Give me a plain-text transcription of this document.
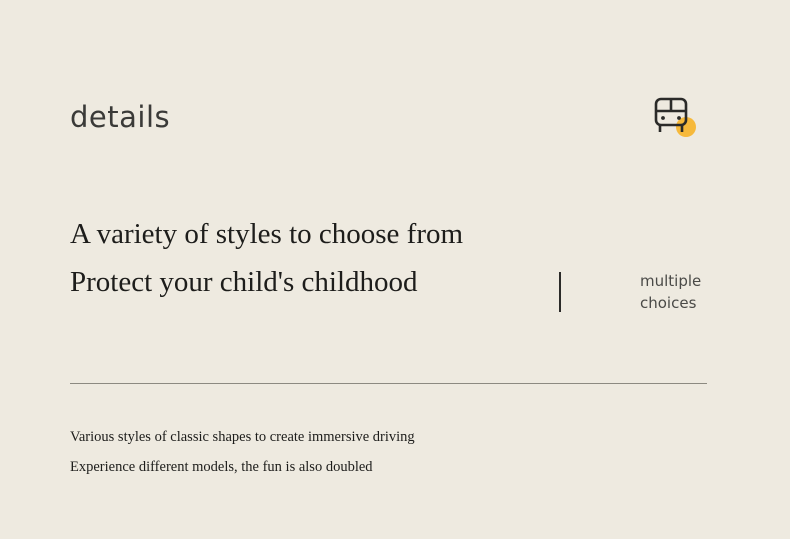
details
A variety of styles to choose from
Protect your child's childhood	multiple
choices
Various styles of classic shapes to create immersive driving
Experience different models, the fun is also doubled
